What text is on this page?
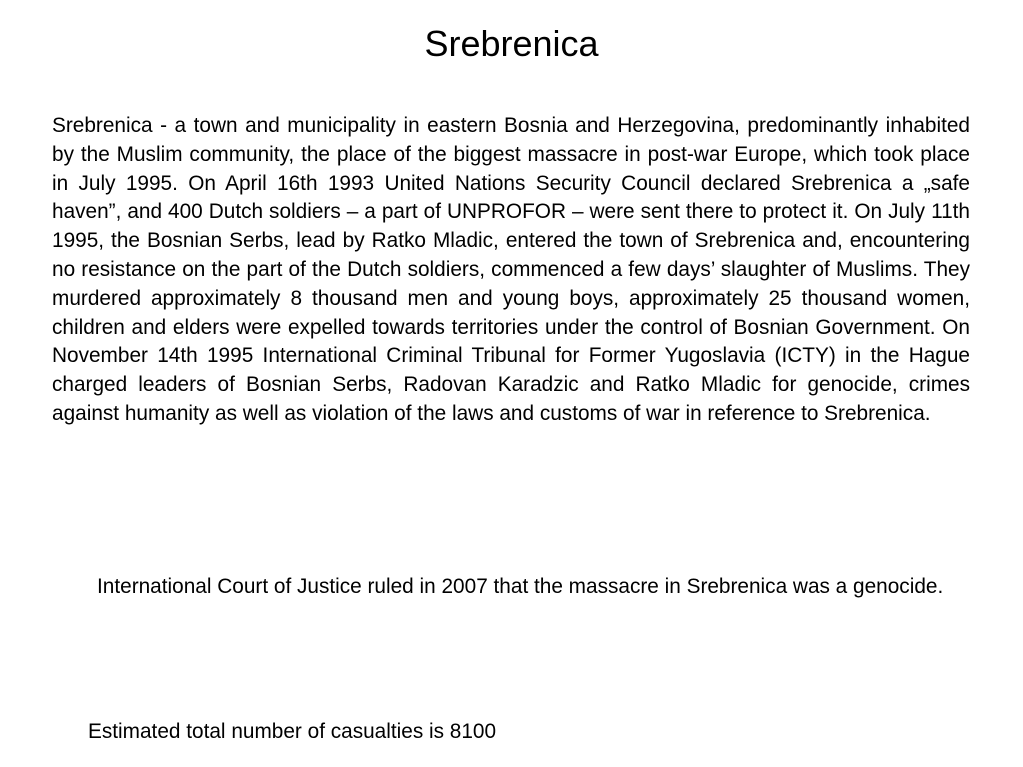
Srebrenica

Srebrenica - a town and municipality in eastern Bosnia and Herzegovina, predominantly inhabited by the Muslim community, the place of the biggest massacre in post-war Europe, which took place in July 1995. On April 16th 1993 United Nations Security Council declared Srebrenica a „safe haven”, and 400 Dutch soldiers – a part of UNPROFOR – were sent there to protect it. On July 11th 1995, the Bosnian Serbs, lead by Ratko Mladic, entered the town of Srebrenica and, encountering no resistance on the part of the Dutch soldiers, commenced a few days’ slaughter of Muslims. They murdered approximately 8 thousand men and young boys, approximately 25 thousand women, children and elders were expelled towards territories under the control of Bosnian Government. On November 14th 1995 International Criminal Tribunal for Former Yugoslavia (ICTY) in the Hague charged leaders of Bosnian Serbs, Radovan Karadzic and Ratko Mladic for genocide, crimes against humanity as well as violation of the laws and customs of war in reference to Srebrenica.

International Court of Justice ruled in 2007 that the massacre in Srebrenica was a genocide.

Estimated total number of casualties is 8100
